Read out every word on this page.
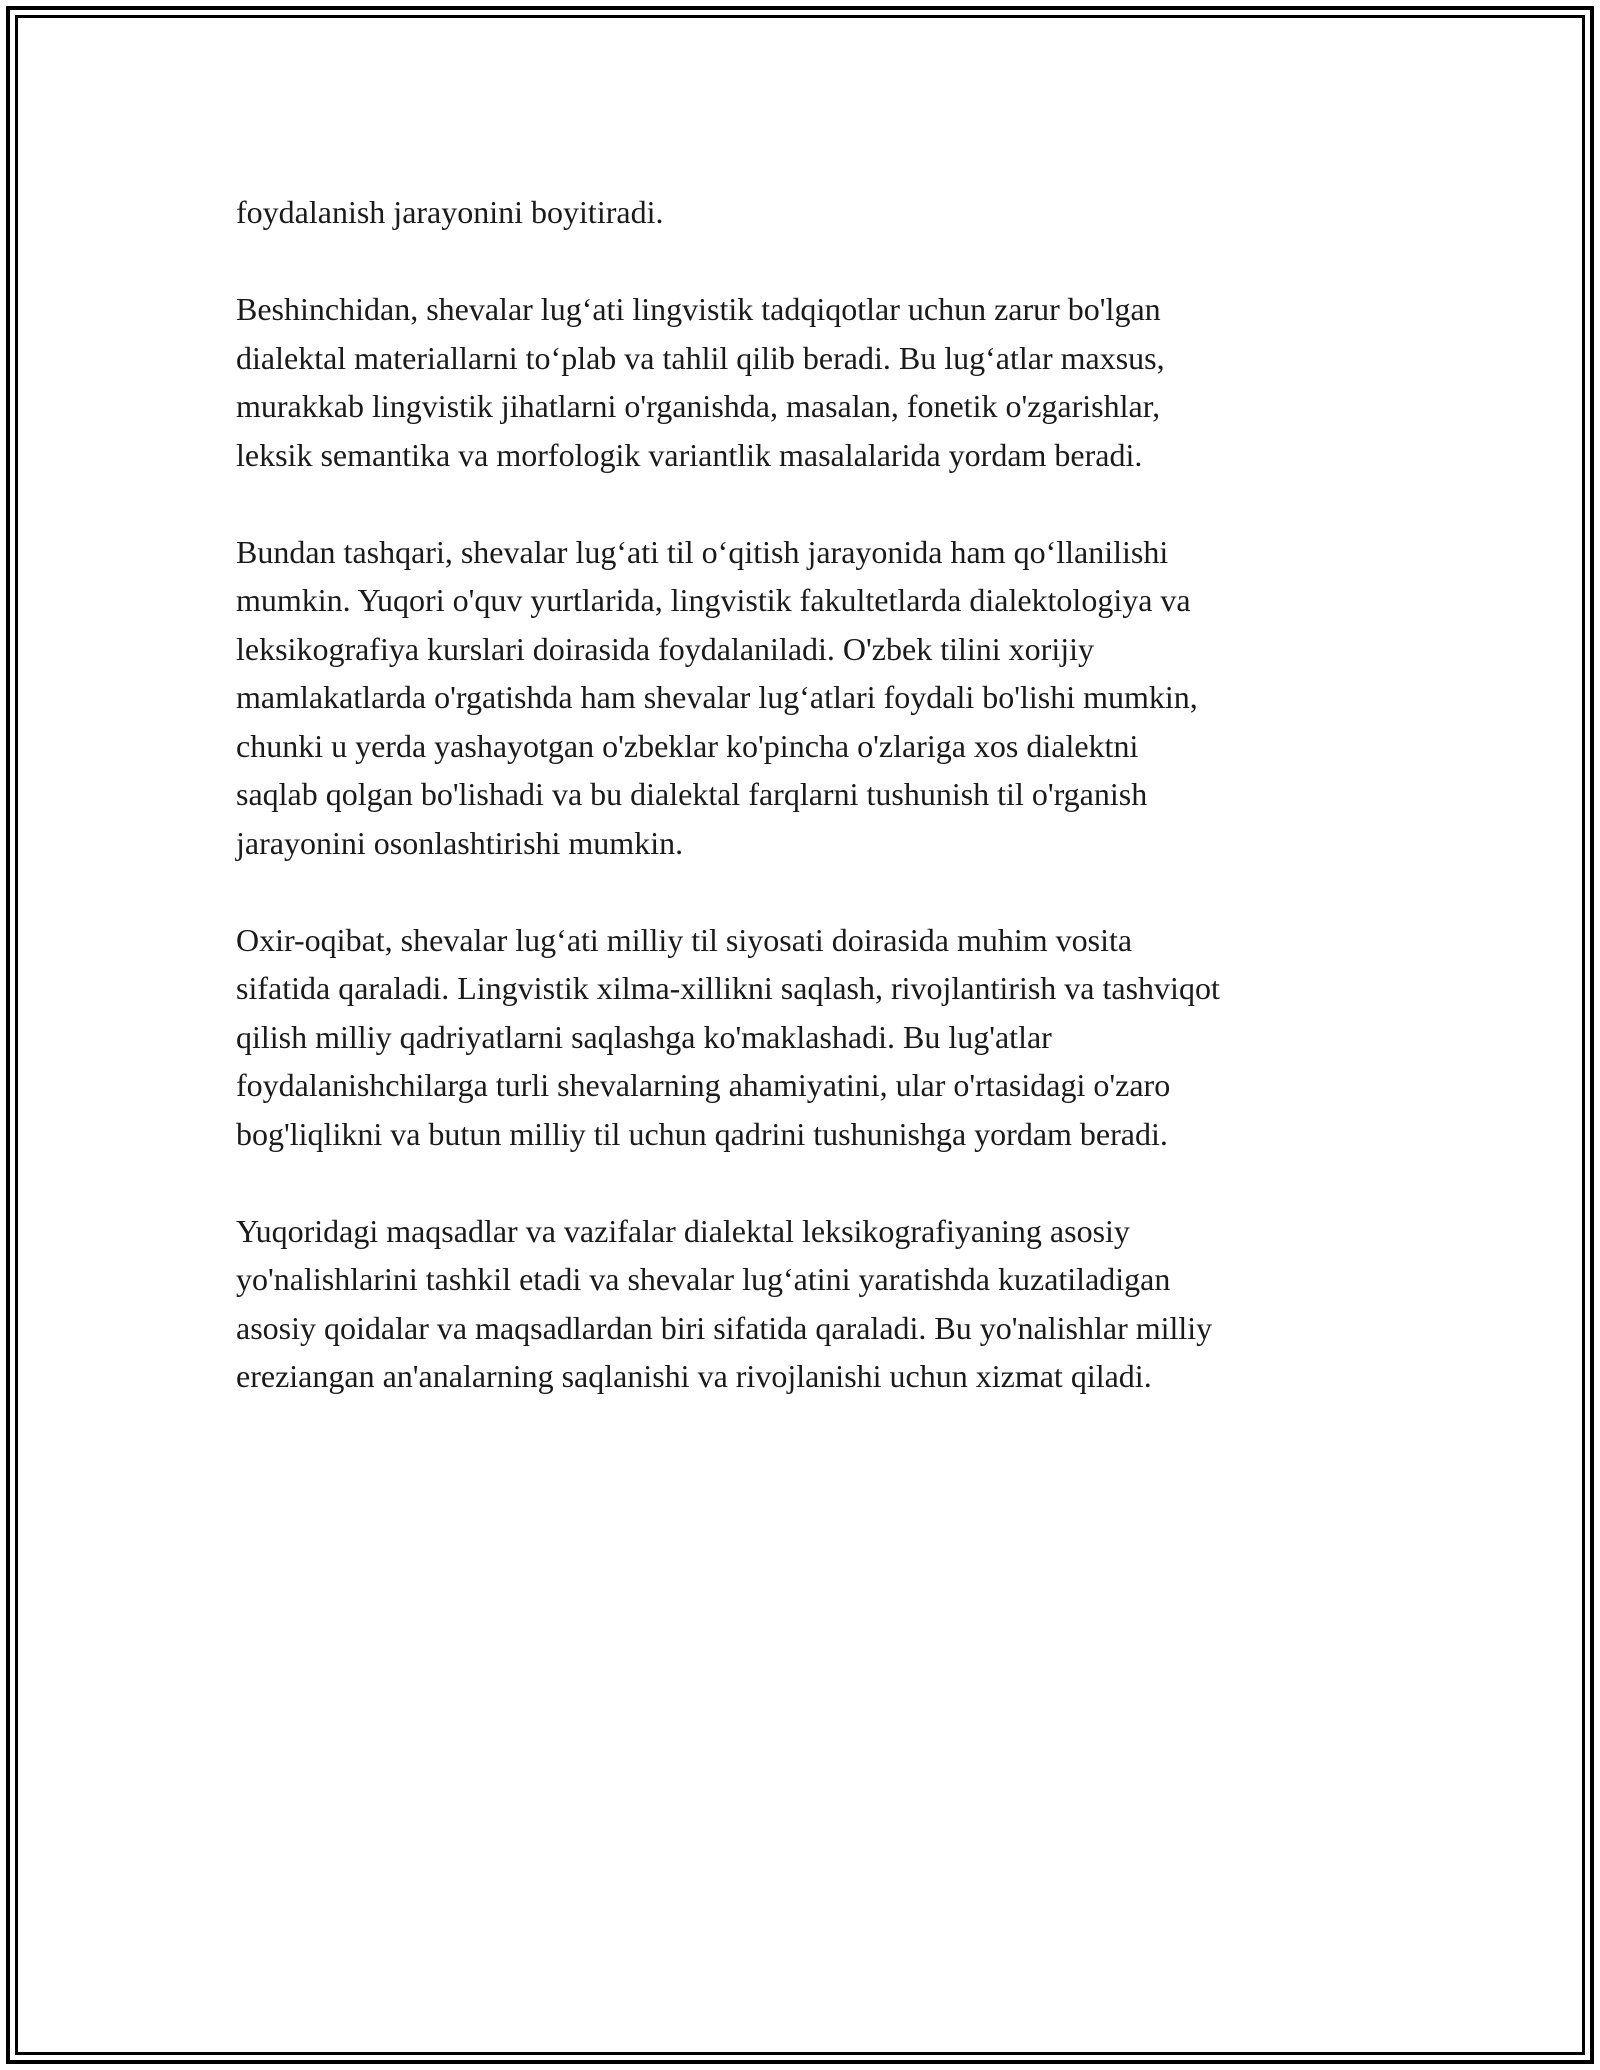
foydalanish jarayonini boyitiradi.

Beshinchidan, shevalar lug‘ati lingvistik tadqiqotlar uchun zarur bo'lgan
dialektal materiallarni to‘plab va tahlil qilib beradi. Bu lug‘atlar maxsus,
murakkab lingvistik jihatlarni o'rganishda, masalan, fonetik o'zgarishlar,
leksik semantika va morfologik variantlik masalalarida yordam beradi.

Bundan tashqari, shevalar lug‘ati til o‘qitish jarayonida ham qo‘llanilishi
mumkin. Yuqori o'quv yurtlarida, lingvistik fakultetlarda dialektologiya va
leksikografiya kurslari doirasida foydalaniladi. O'zbek tilini xorijiy
mamlakatlarda o'rgatishda ham shevalar lug‘atlari foydali bo'lishi mumkin,
chunki u yerda yashayotgan o'zbeklar ko'pincha o'zlariga xos dialektni
saqlab qolgan bo'lishadi va bu dialektal farqlarni tushunish til o'rganish
jarayonini osonlashtirishi mumkin.

Oxir-oqibat, shevalar lug‘ati milliy til siyosati doirasida muhim vosita
sifatida qaraladi. Lingvistik xilma-xillikni saqlash, rivojlantirish va tashviqot
qilish milliy qadriyatlarni saqlashga ko'maklashadi. Bu lug'atlar
foydalanishchilarga turli shevalarning ahamiyatini, ular o'rtasidagi o'zaro
bog'liqlikni va butun milliy til uchun qadrini tushunishga yordam beradi.

Yuqoridagi maqsadlar va vazifalar dialektal leksikografiyaning asosiy
yo'nalishlarini tashkil etadi va shevalar lug‘atini yaratishda kuzatiladigan
asosiy qoidalar va maqsadlardan biri sifatida qaraladi. Bu yo'nalishlar milliy
ereziangan an'analarning saqlanishi va rivojlanishi uchun xizmat qiladi.
